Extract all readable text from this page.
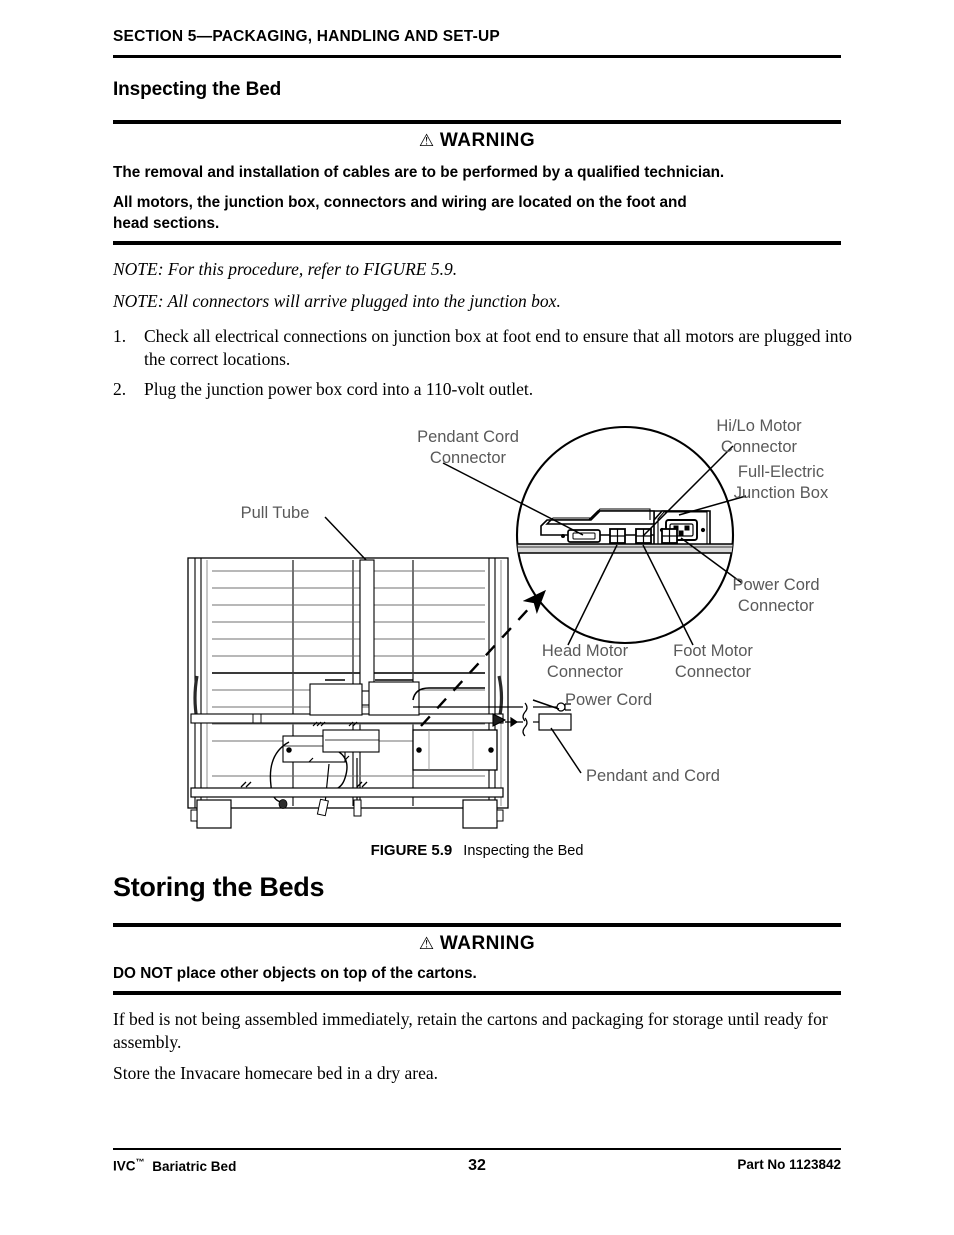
SECTION 5—PACKAGING, HANDLING AND SET-UP
Inspecting the Bed
⚠ WARNING
The removal and installation of cables are to be performed by a qualified technician.
All motors, the junction box, connectors and wiring are located on the foot and
head sections.
NOTE: For this procedure, refer to FIGURE 5.9.
NOTE: All connectors will arrive plugged into the junction box.
1.	Check all electrical connections on junction box at foot end to ensure that all motors are plugged into the correct locations.
2.	Plug the junction power box cord into a 110-volt outlet.
Pull Tube
Pendant Cord
Connector
Hi/Lo Motor
Connector
Full-Electric
Junction Box
Power Cord
Connector
Foot Motor
Connector
Head Motor
Connector
Power Cord
Pendant and Cord
FIGURE 5.9 Inspecting the Bed
Storing the Beds
⚠ WARNING
DO NOT place other objects on top of the cartons.
If bed is not being assembled immediately, retain the cartons and packaging for storage until ready for assembly.
Store the Invacare homecare bed in a dry area.
IVC™ Bariatric Bed	32	Part No 1123842
